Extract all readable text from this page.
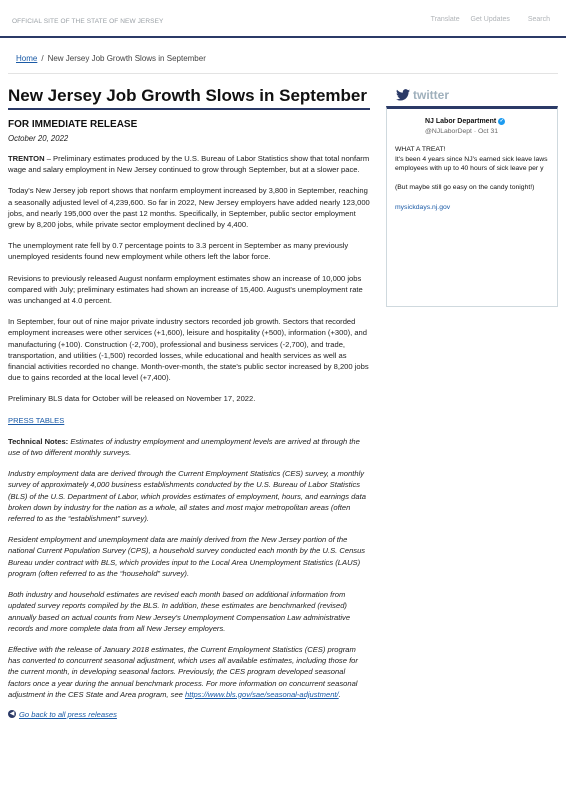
OFFICIAL SITE OF THE STATE OF NEW JERSEY	Translate Get Updates	Search
Home / New Jersey Job Growth Slows in September
New Jersey Job Growth Slows in September
FOR IMMEDIATE RELEASE
October 20, 2022

TRENTON – Preliminary estimates produced by the U.S. Bureau of Labor Statistics show that total nonfarm wage and salary employment in New Jersey continued to grow through September, but at a slower pace.

Today's New Jersey job report shows that nonfarm employment increased by 3,800 in September, reaching a seasonally adjusted level of 4,239,600. So far in 2022, New Jersey employers have added nearly 123,000 jobs, and nearly 195,000 over the past 12 months. Specifically, in September, public sector employment grew by 8,200 jobs, while private sector employment declined by 4,400.

The unemployment rate fell by 0.7 percentage points to 3.3 percent in September as many previously unemployed residents found new employment while others left the labor force.

Revisions to previously released August nonfarm employment estimates show an increase of 10,000 jobs compared with July; preliminary estimates had shown an increase of 15,400. August's unemployment rate was unchanged at 4.0 percent.

In September, four out of nine major private industry sectors recorded job growth. Sectors that recorded employment increases were other services (+1,600), leisure and hospitality (+500), information (+300), and manufacturing (+100). Construction (-2,700), professional and business services (-2,700), and trade, transportation, and utilities (-1,500) recorded losses, while educational and health services as well as financial activities recorded no change. Month-over-month, the state's public sector increased by 8,200 jobs due to gains recorded at the local level (+7,400).

Preliminary BLS data for October will be released on November 17, 2022.

PRESS TABLES

Technical Notes: Estimates of industry employment and unemployment levels are arrived at through the use of two different monthly surveys.

Industry employment data are derived through the Current Employment Statistics (CES) survey, a monthly survey of approximately 4,000 business establishments conducted by the U.S. Bureau of Labor Statistics (BLS) of the U.S. Department of Labor, which provides estimates of employment, hours, and earnings data broken down by industry for the nation as a whole, all states and most major metropolitan areas (often referred to as the “establishment” survey).

Resident employment and unemployment data are mainly derived from the New Jersey portion of the national Current Population Survey (CPS), a household survey conducted each month by the U.S. Census Bureau under contract with BLS, which provides input to the Local Area Unemployment Statistics (LAUS) program (often referred to as the “household” survey).

Both industry and household estimates are revised each month based on additional information from updated survey reports compiled by the BLS. In addition, these estimates are benchmarked (revised) annually based on actual counts from New Jersey's Unemployment Compensation Law administrative records and more complete data from all New Jersey employers.

Effective with the release of January 2018 estimates, the Current Employment Statistics (CES) program has converted to concurrent seasonal adjustment, which uses all available estimates, including those for the current month, in developing seasonal factors. Previously, the CES program developed seasonal factors once a year during the annual benchmark process. For more information on concurrent seasonal adjustment in the CES State and Area program, see https://www.bls.gov/sae/seasonal-adjustment/.

◀ Go back to all press releases
twitter
NJ Labor Department ✓
@NJLaborDept · Oct 31
WHAT A TREAT!
It's been 4 years since NJ's earned sick leave laws
employees with up to 40 hours of sick leave per y
(But maybe still go easy on the candy tonight!)
mysickdays.nj.gov
